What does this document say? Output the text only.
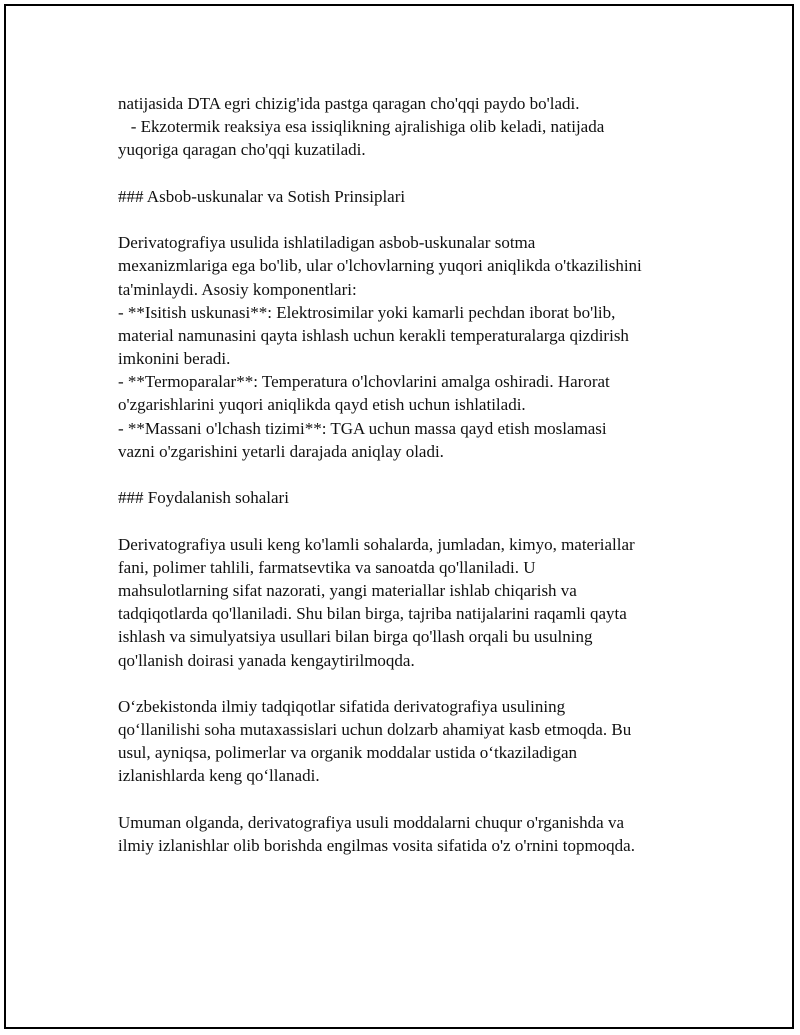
natijasida DTA egri chizig'ida pastga qaragan cho'qqi paydo bo'ladi.
- Ekzotermik reaksiya esa issiqlikning ajralishiga olib keladi, natijada
yuqoriga qaragan cho'qqi kuzatiladi.
### Asbob-uskunalar va Sotish Prinsiplari
Derivatografiya usulida ishlatiladigan asbob-uskunalar sotma
mexanizmlariga ega bo'lib, ular o'lchovlarning yuqori aniqlikda o'tkazilishini
ta'minlaydi. Asosiy komponentlari:
- **Isitish uskunasi**: Elektrosimilar yoki kamarli pechdan iborat bo'lib,
material namunasini qayta ishlash uchun kerakli temperaturalarga qizdirish
imkonini beradi.
- **Termoparalar**: Temperatura o'lchovlarini amalga oshiradi. Harorat
o'zgarishlarini yuqori aniqlikda qayd etish uchun ishlatiladi.
- **Massani o'lchash tizimi**: TGA uchun massa qayd etish moslamasi
vazni o'zgarishini yetarli darajada aniqlay oladi.
### Foydalanish sohalari
Derivatografiya usuli keng ko'lamli sohalarda, jumladan, kimyo, materiallar
fani, polimer tahlili, farmatsevtika va sanoatda qo'llaniladi. U
mahsulotlarning sifat nazorati, yangi materiallar ishlab chiqarish va
tadqiqotlarda qo'llaniladi. Shu bilan birga, tajriba natijalarini raqamli qayta
ishlash va simulyatsiya usullari bilan birga qo'llash orqali bu usulning
qo'llanish doirasi yanada kengaytirilmoqda.
O‘zbekistonda ilmiy tadqiqotlar sifatida derivatografiya usulining
qo‘llanilishi soha mutaxassislari uchun dolzarb ahamiyat kasb etmoqda. Bu
usul, ayniqsa, polimerlar va organik moddalar ustida o‘tkaziladigan
izlanishlarda keng qo‘llanadi.
Umuman olganda, derivatografiya usuli moddalarni chuqur o'rganishda va
ilmiy izlanishlar olib borishda engilmas vosita sifatida o'z o'rnini topmoqda.
